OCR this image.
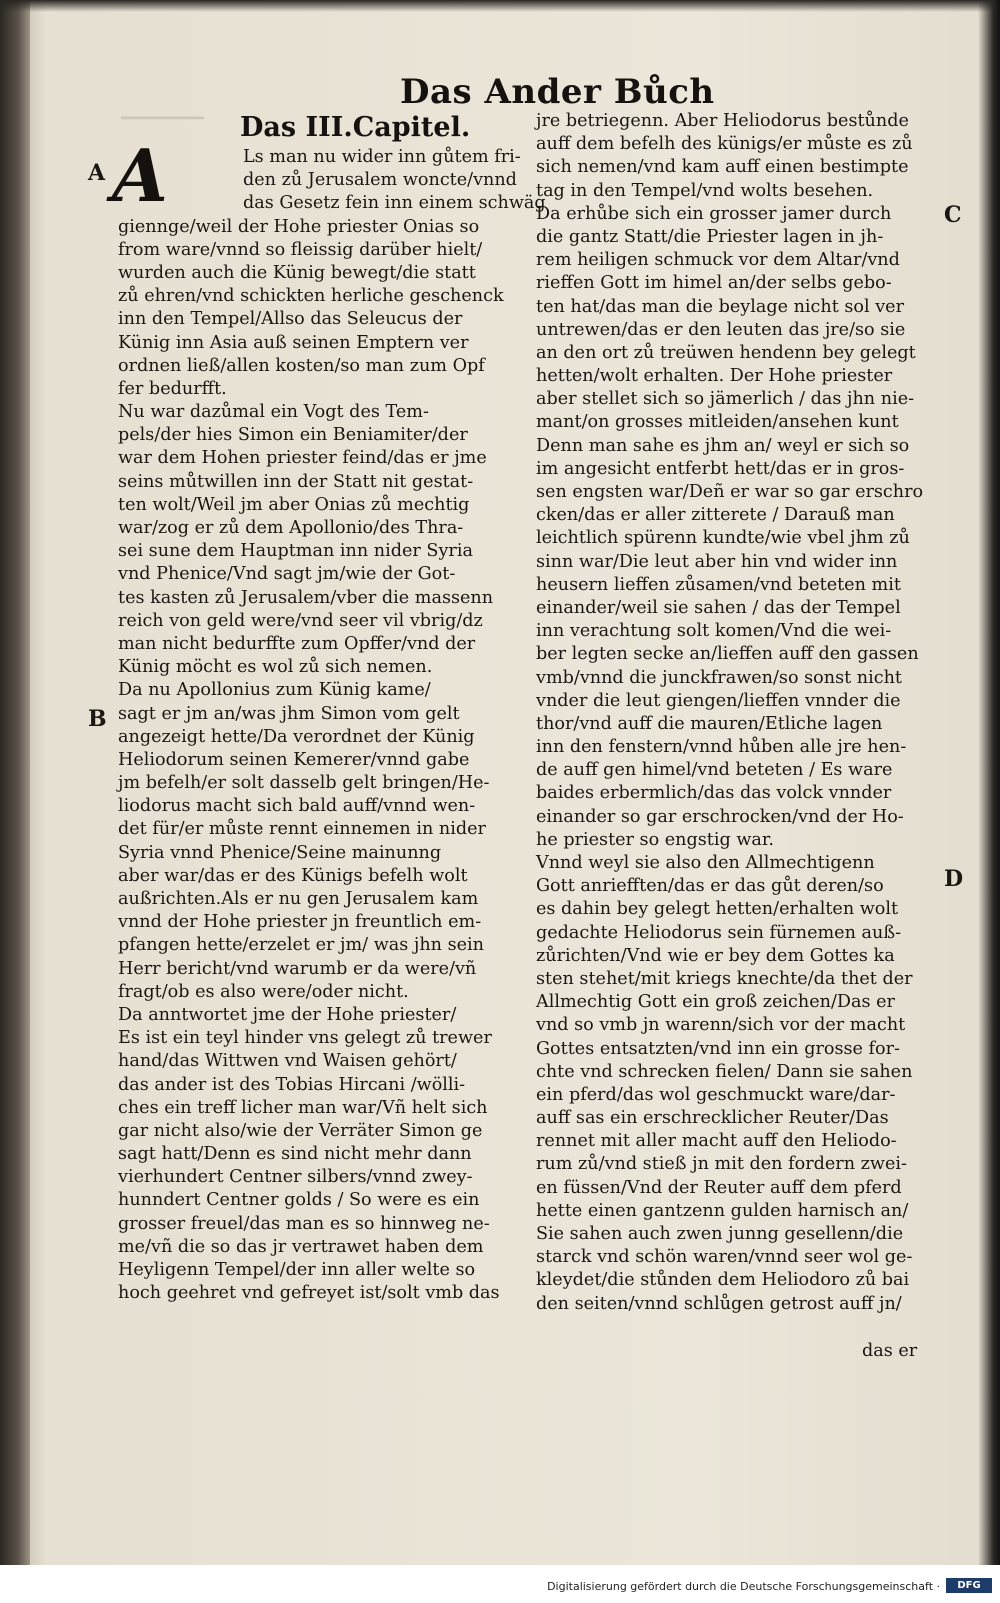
⸻
Das Ander Bůch
Das III.Capitel.
A
B
C
D
A	Ls man nu wider inn gůtem fri-
den zů Jerusalem woncte/vnnd
das Gesetz fein inn einem schwäg
giennge/weil der Hohe priester Onias so
from ware/vnnd so fleissig darüber hielt/
wurden auch die Künig bewegt/die statt
zů ehren/vnd schickten herliche geschenck
inn den Tempel/Allso das Seleucus der
Künig inn Asia auß seinen Emptern ver
ordnen ließ/allen kosten/so man zum Opf
fer bedurfft.
Nu war dazůmal ein Vogt des Tem-
pels/der hies Simon ein Beniamiter/der
war dem Hohen priester feind/das er jme
seins můtwillen inn der Statt nit gestat-
ten wolt/Weil jm aber Onias zů mechtig
war/zog er zů dem Apollonio/des Thra-
sei sune dem Hauptman inn nider Syria
vnd Phenice/Vnd sagt jm/wie der Got-
tes kasten zů Jerusalem/vber die massenn
reich von geld were/vnd seer vil vbrig/dz
man nicht bedurffte zum Opffer/vnd der
Künig möcht es wol zů sich nemen.
Da nu Apollonius zum Künig kame/
sagt er jm an/was jhm Simon vom gelt
angezeigt hette/Da verordnet der Künig
Heliodorum seinen Kemerer/vnnd gabe
jm befelh/er solt dasselb gelt bringen/He-
liodorus macht sich bald auff/vnnd wen-
det für/er můste rennt einnemen in nider
Syria vnnd Phenice/Seine mainunng
aber war/das er des Künigs befelh wolt
außrichten.Als er nu gen Jerusalem kam
vnnd der Hohe priester jn freuntlich em-
pfangen hette/erzelet er jm/ was jhn sein
Herr bericht/vnd warumb er da were/vñ
fragt/ob es also were/oder nicht.
Da anntwortet jme der Hohe priester/
Es ist ein teyl hinder vns gelegt zů trewer
hand/das Wittwen vnd Waisen gehört/
das ander ist des Tobias Hircani /wölli-
ches ein treff licher man war/Vñ helt sich
gar nicht also/wie der Verräter Simon ge
sagt hatt/Denn es sind nicht mehr dann
vierhundert Centner silbers/vnnd zwey-
hunndert Centner golds / So were es ein
grosser freuel/das man es so hinnweg ne-
me/vñ die so das jr vertrawet haben dem
Heyligenn Tempel/der inn aller welte so
hoch geehret vnd gefreyet ist/solt vmb das
jre betriegenn. Aber Heliodorus bestůnde
auff dem befelh des künigs/er můste es zů
sich nemen/vnd kam auff einen bestimpte
tag in den Tempel/vnd wolts besehen.
Da erhůbe sich ein grosser jamer durch
die gantz Statt/die Priester lagen in jh-
rem heiligen schmuck vor dem Altar/vnd
rieffen Gott im himel an/der selbs gebo-
ten hat/das man die beylage nicht sol ver
untrewen/das er den leuten das jre/so sie
an den ort zů treüwen hendenn bey gelegt
hetten/wolt erhalten. Der Hohe priester
aber stellet sich so jämerlich / das jhn nie-
mant/on grosses mitleiden/ansehen kunt
Denn man sahe es jhm an/ weyl er sich so
im angesicht entferbt hett/das er in gros-
sen engsten war/Deñ er war so gar erschro
cken/das er aller zitterete / Darauß man
leichtlich spürenn kundte/wie vbel jhm zů
sinn war/Die leut aber hin vnd wider inn
heusern lieffen zůsamen/vnd beteten mit
einander/weil sie sahen / das der Tempel
inn verachtung solt komen/Vnd die wei-
ber legten secke an/lieffen auff den gassen
vmb/vnnd die junckfrawen/so sonst nicht
vnder die leut giengen/lieffen vnnder die
thor/vnd auff die mauren/Etliche lagen
inn den fenstern/vnnd hůben alle jre hen-
de auff gen himel/vnd beteten / Es ware
baides erbermlich/das das volck vnnder
einander so gar erschrocken/vnd der Ho-
he priester so engstig war.
Vnnd weyl sie also den Allmechtigenn
Gott anriefften/das er das gůt deren/so
es dahin bey gelegt hetten/erhalten wolt
gedachte Heliodorus sein fürnemen auß-
zůrichten/Vnd wie er bey dem Gottes ka
sten stehet/mit kriegs knechte/da thet der
Allmechtig Gott ein groß zeichen/Das er
vnd so vmb jn warenn/sich vor der macht
Gottes entsatzten/vnd inn ein grosse for-
chte vnd schrecken fielen/ Dann sie sahen
ein pferd/das wol geschmuckt ware/dar-
auff sas ein erschrecklicher Reuter/Das
rennet mit aller macht auff den Heliodo-
rum zů/vnd stieß jn mit den fordern zwei-
en füssen/Vnd der Reuter auff dem pferd
hette einen gantzenn gulden harnisch an/
Sie sahen auch zwen junng gesellenn/die
starck vnd schön waren/vnnd seer wol ge-
kleydet/die stůnden dem Heliodoro zů bai
den seiten/vnnd schlůgen getrost auff jn/
das er
Digitalisierung gefördert durch die Deutsche Forschungsgemeinschaft ·	DFG
